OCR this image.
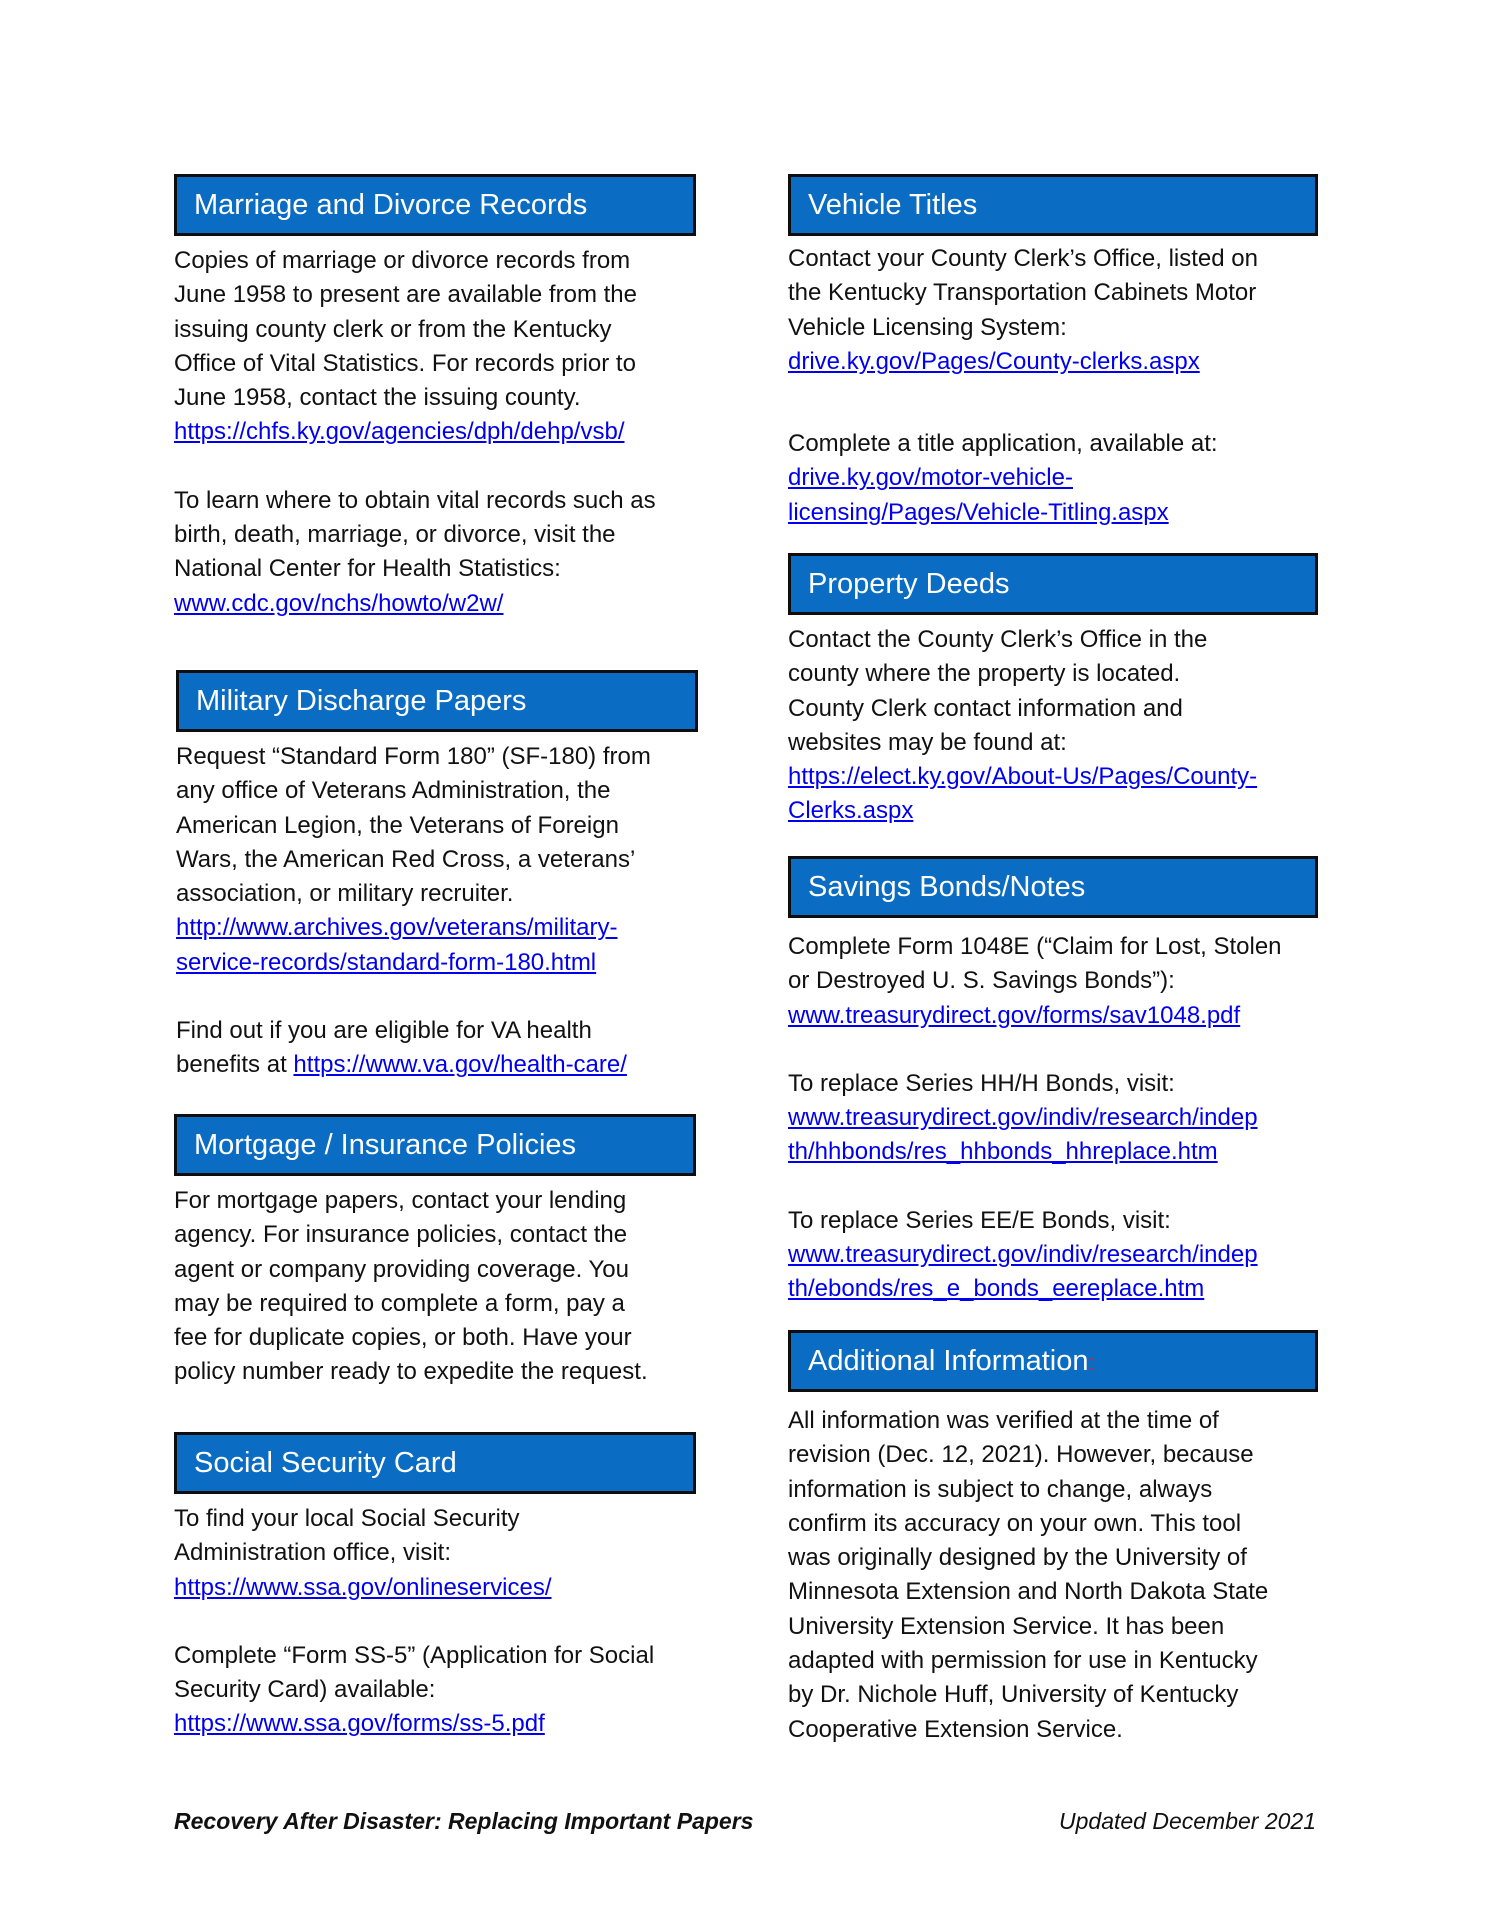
Marriage and Divorce Records

Copies of marriage or divorce records from
June 1958 to present are available from the
issuing county clerk or from the Kentucky
Office of Vital Statistics. For records prior to
June 1958, contact the issuing county.
https://chfs.ky.gov/agencies/dph/dehp/vsb/

To learn where to obtain vital records such as
birth, death, marriage, or divorce, visit the
National Center for Health Statistics:
www.cdc.gov/nchs/howto/w2w/

Military Discharge Papers

Request “Standard Form 180” (SF-180) from
any office of Veterans Administration, the
American Legion, the Veterans of Foreign
Wars, the American Red Cross, a veterans’
association, or military recruiter.
http://www.archives.gov/veterans/military-
service-records/standard-form-180.html

Find out if you are eligible for VA health
benefits at https://www.va.gov/health-care/

Mortgage / Insurance Policies

For mortgage papers, contact your lending
agency. For insurance policies, contact the
agent or company providing coverage. You
may be required to complete a form, pay a
fee for duplicate copies, or both. Have your
policy number ready to expedite the request.

Social Security Card

To find your local Social Security
Administration office, visit:
https://www.ssa.gov/onlineservices/

Complete “Form SS-5” (Application for Social
Security Card) available:
https://www.ssa.gov/forms/ss-5.pdf

Vehicle Titles

Contact your County Clerk’s Office, listed on
the Kentucky Transportation Cabinets Motor
Vehicle Licensing System:
drive.ky.gov/Pages/County-clerks.aspx

Complete a title application, available at:
drive.ky.gov/motor-vehicle-
licensing/Pages/Vehicle-Titling.aspx

Property Deeds

Contact the County Clerk’s Office in the
county where the property is located.
County Clerk contact information and
websites may be found at:
https://elect.ky.gov/About-Us/Pages/County-
Clerks.aspx

Savings Bonds/Notes

Complete Form 1048E (“Claim for Lost, Stolen
or Destroyed U. S. Savings Bonds”):
www.treasurydirect.gov/forms/sav1048.pdf

To replace Series HH/H Bonds, visit:
www.treasurydirect.gov/indiv/research/indep
th/hhbonds/res_hhbonds_hhreplace.htm

To replace Series EE/E Bonds, visit:
www.treasurydirect.gov/indiv/research/indep
th/ebonds/res_e_bonds_eereplace.htm

Additional Information:

All information was verified at the time of
revision (Dec. 12, 2021). However, because
information is subject to change, always
confirm its accuracy on your own. This tool
was originally designed by the University of
Minnesota Extension and North Dakota State
University Extension Service. It has been
adapted with permission for use in Kentucky
by Dr. Nichole Huff, University of Kentucky
Cooperative Extension Service.

Recovery After Disaster: Replacing Important Papers	Updated December 2021
